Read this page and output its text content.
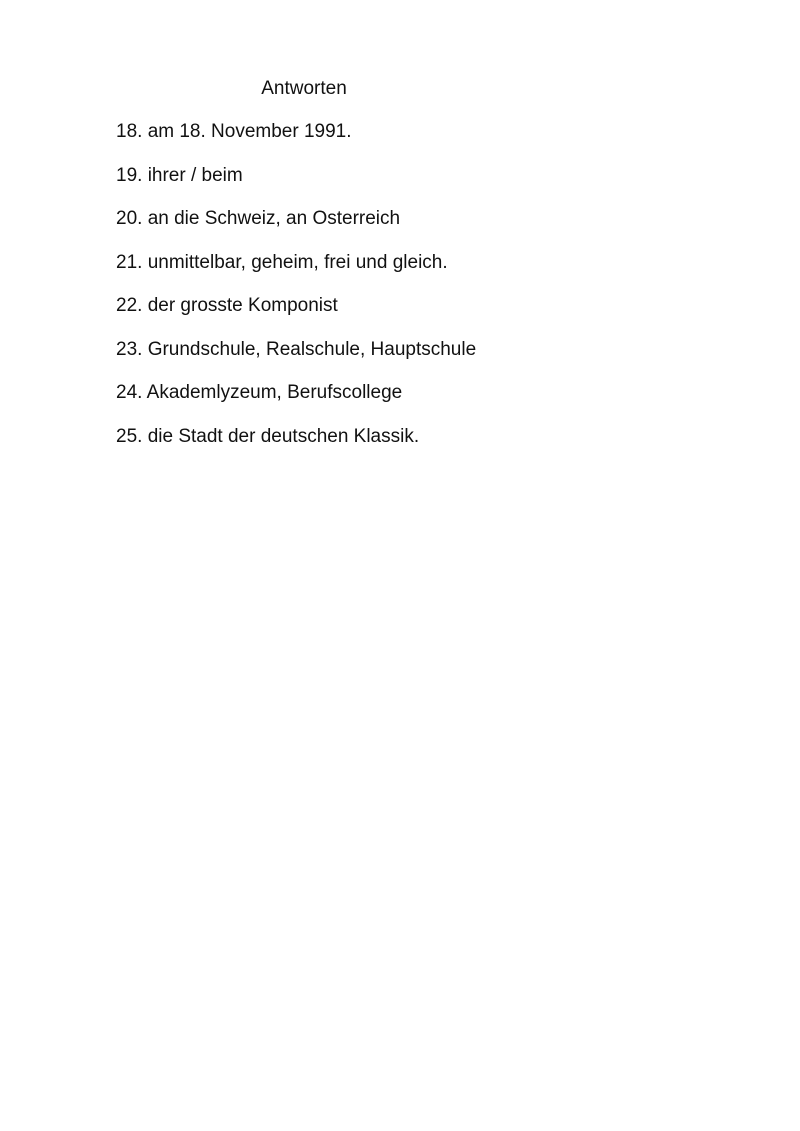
Antworten
18. am 18. November 1991.
19. ihrer / beim
20. an die Schweiz, an Osterreich
21. unmittelbar, geheim, frei und gleich.
22. der grosste Komponist
23. Grundschule, Realschule, Hauptschule
24. Akademlyzeum, Berufscollege
25. die Stadt der deutschen Klassik.
